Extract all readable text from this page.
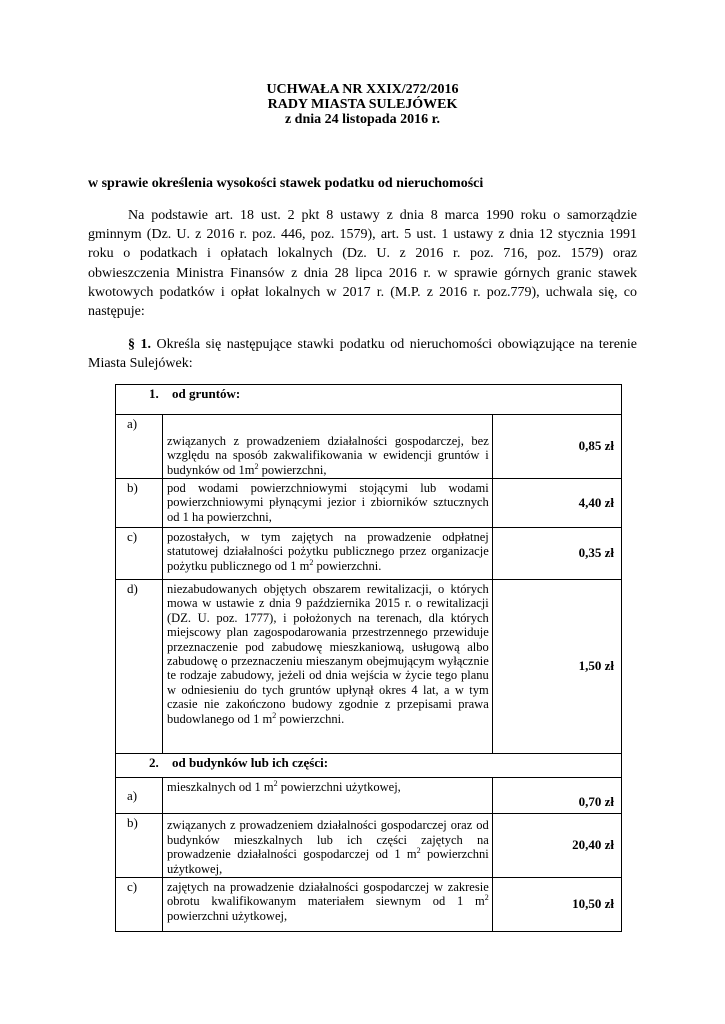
UCHWAŁA NR XXIX/272/2016
RADY MIASTA SULEJÓWEK
z dnia 24 listopada 2016 r.
w sprawie określenia wysokości stawek podatku od nieruchomości
Na podstawie art. 18 ust. 2 pkt 8 ustawy z dnia 8 marca 1990 roku o samorządzie
gminnym (Dz. U. z 2016 r. poz. 446, poz. 1579), art. 5 ust. 1 ustawy z dnia 12 stycznia 1991
roku o podatkach i opłatach lokalnych (Dz. U. z 2016 r. poz. 716, poz. 1579) oraz
obwieszczenia Ministra Finansów z dnia 28 lipca 2016 r. w sprawie górnych granic stawek
kwotowych podatków i opłat lokalnych w 2017 r. (M.P. z 2016 r. poz.779), uchwala się, co
następuje:
§ 1. Określa się następujące stawki podatku od nieruchomości obowiązujące na terenie
Miasta Sulejówek:
1. od gruntów:		
a)	związanych z prowadzeniem działalności gospodarczej, bez względu na sposób zakwalifikowania w ewidencji gruntów i budynków od $1m^2$ powierzchni,	0,85 zł
b)	pod wodami powierzchniowymi stojącymi lub wodami powierzchniowymi płynącymi jezior i zbiorników sztucznych od 1 ha powierzchni,	4,40 zł
c)	pozostałych, w tym zajętych na prowadzenie odpłatnej statutowej działalności pożytku publicznego przez organizacje pożytku publicznego od 1 $m^2$ powierzchni.	0,35 zł
d)	niezabudowanych objętych obszarem rewitalizacji, o których mowa w ustawie z dnia 9 października 2015 r. o rewitalizacji (DZ. U. poz. 1777), i położonych na terenach, dla których miejscowy plan zagospodarowania przestrzennego przewiduje przeznaczenie pod zabudowę mieszkaniową, usługową albo zabudowę o przeznaczeniu mieszanym obejmującym wyłącznie te rodzaje zabudowy, jeżeli od dnia wejścia w życie tego planu w odniesieniu do tych gruntów upłynął okres 4 lat, a w tym czasie nie zakończono budowy zgodnie z przepisami prawa budowlanego od 1 $m^2$ powierzchni.	1,50 zł
2. od budynków lub ich części:		
a)	mieszkalnych od 1 $m^2$ powierzchni użytkowej,	0,70 zł
b)	związanych z prowadzeniem działalności gospodarczej oraz od budynków mieszkalnych lub ich części zajętych na prowadzenie działalności gospodarczej od 1 $m^2$ powierzchni użytkowej,	20,40 zł
c)	zajętych na prowadzenie działalności gospodarczej w zakresie obrotu kwalifikowanym materiałem siewnym od 1 $m^2$ powierzchni użytkowej,	10,50 zł
